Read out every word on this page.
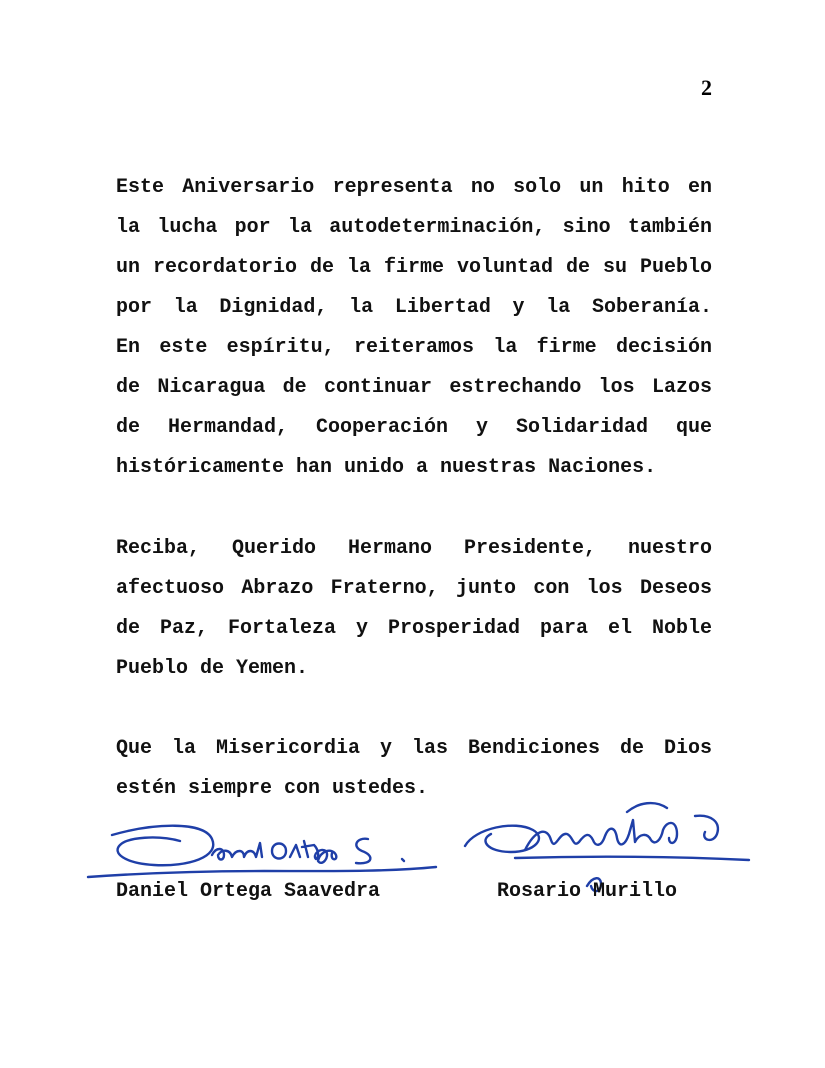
2

Este Aniversario representa no solo un hito en
la lucha por la autodeterminación, sino también
un recordatorio de la firme voluntad de su Pueblo
por la Dignidad, la Libertad y la Soberanía.
En este espíritu, reiteramos la firme decisión
de Nicaragua de continuar estrechando los Lazos
de Hermandad, Cooperación y Solidaridad que
históricamente han unido a nuestras Naciones.

Reciba, Querido Hermano Presidente, nuestro
afectuoso Abrazo Fraterno, junto con los Deseos
de Paz, Fortaleza y Prosperidad para el Noble
Pueblo de Yemen.

Que la Misericordia y las Bendiciones de Dios
estén siempre con ustedes.

Daniel Ortega Saavedra	Rosario Murillo
